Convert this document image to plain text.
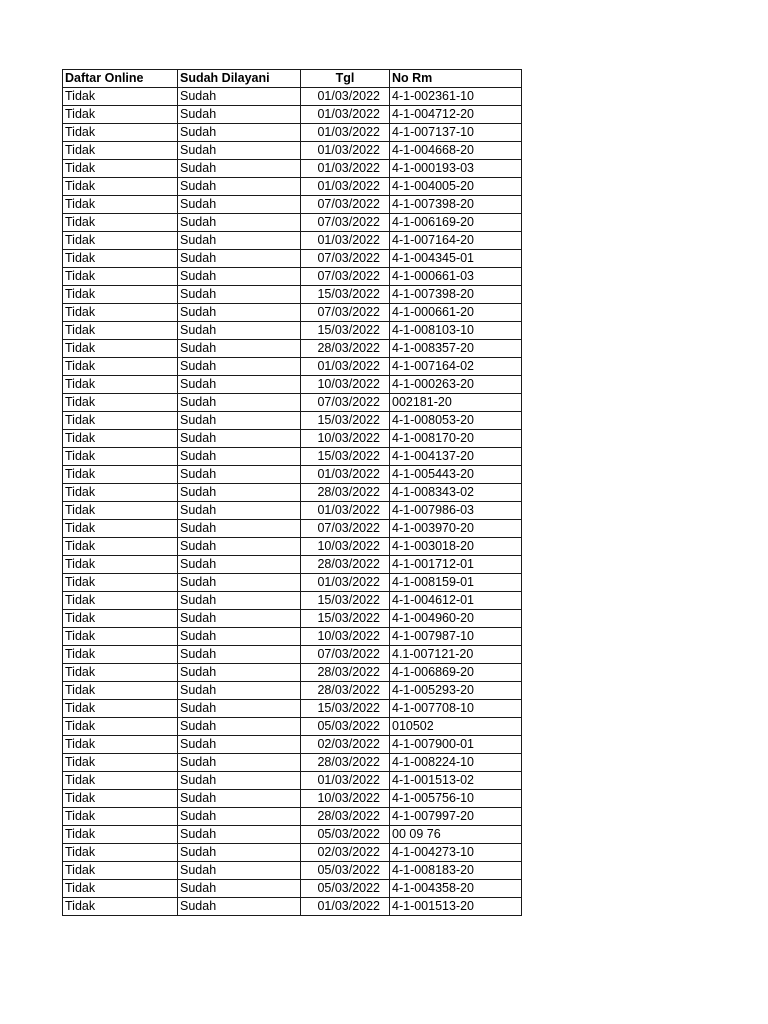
Daftar Online	Sudah Dilayani	Tgl	No Rm
Tidak	Sudah	01/03/2022	4-1-002361-10
Tidak	Sudah	01/03/2022	4-1-004712-20
Tidak	Sudah	01/03/2022	4-1-007137-10
Tidak	Sudah	01/03/2022	4-1-004668-20
Tidak	Sudah	01/03/2022	4-1-000193-03
Tidak	Sudah	01/03/2022	4-1-004005-20
Tidak	Sudah	07/03/2022	4-1-007398-20
Tidak	Sudah	07/03/2022	4-1-006169-20
Tidak	Sudah	01/03/2022	4-1-007164-20
Tidak	Sudah	07/03/2022	4-1-004345-01
Tidak	Sudah	07/03/2022	4-1-000661-03
Tidak	Sudah	15/03/2022	4-1-007398-20
Tidak	Sudah	07/03/2022	4-1-000661-20
Tidak	Sudah	15/03/2022	4-1-008103-10
Tidak	Sudah	28/03/2022	4-1-008357-20
Tidak	Sudah	01/03/2022	4-1-007164-02
Tidak	Sudah	10/03/2022	4-1-000263-20
Tidak	Sudah	07/03/2022	002181-20
Tidak	Sudah	15/03/2022	4-1-008053-20
Tidak	Sudah	10/03/2022	4-1-008170-20
Tidak	Sudah	15/03/2022	4-1-004137-20
Tidak	Sudah	01/03/2022	4-1-005443-20
Tidak	Sudah	28/03/2022	4-1-008343-02
Tidak	Sudah	01/03/2022	4-1-007986-03
Tidak	Sudah	07/03/2022	4-1-003970-20
Tidak	Sudah	10/03/2022	4-1-003018-20
Tidak	Sudah	28/03/2022	4-1-001712-01
Tidak	Sudah	01/03/2022	4-1-008159-01
Tidak	Sudah	15/03/2022	4-1-004612-01
Tidak	Sudah	15/03/2022	4-1-004960-20
Tidak	Sudah	10/03/2022	4-1-007987-10
Tidak	Sudah	07/03/2022	4.1-007121-20
Tidak	Sudah	28/03/2022	4-1-006869-20
Tidak	Sudah	28/03/2022	4-1-005293-20
Tidak	Sudah	15/03/2022	4-1-007708-10
Tidak	Sudah	05/03/2022	010502
Tidak	Sudah	02/03/2022	4-1-007900-01
Tidak	Sudah	28/03/2022	4-1-008224-10
Tidak	Sudah	01/03/2022	4-1-001513-02
Tidak	Sudah	10/03/2022	4-1-005756-10
Tidak	Sudah	28/03/2022	4-1-007997-20
Tidak	Sudah	05/03/2022	00 09 76
Tidak	Sudah	02/03/2022	4-1-004273-10
Tidak	Sudah	05/03/2022	4-1-008183-20
Tidak	Sudah	05/03/2022	4-1-004358-20
Tidak	Sudah	01/03/2022	4-1-001513-20
